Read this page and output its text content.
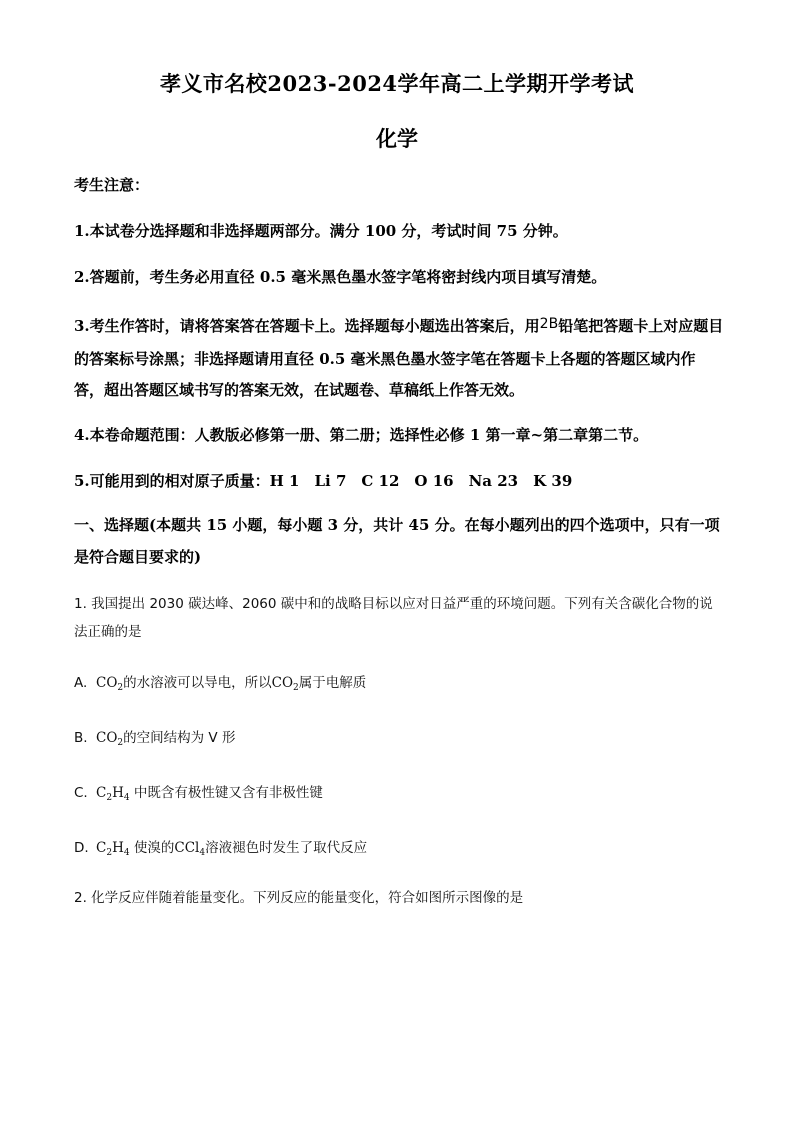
孝义市名校2023-2024学年高二上学期开学考试
化学
考生注意：
1.本试卷分选择题和非选择题两部分。满分 100 分，考试时间 75 分钟。
2.答题前，考生务必用直径 0.5 毫米黑色墨水签字笔将密封线内项目填写清楚。
3.考生作答时，请将答案答在答题卡上。选择题每小题选出答案后，用2B铅笔把答题卡上对应题目的答案标号涂黑；非选择题请用直径 0.5 毫米黑色墨水签字笔在答题卡上各题的答题区域内作答，超出答题区域书写的答案无效，在试题卷、草稿纸上作答无效。
4.本卷命题范围：人教版必修第一册、第二册；选择性必修 1 第一章~第二章第二节。
5.可能用到的相对原子质量：H 1　Li 7　C 12　O 16　Na 23　K 39
一、选择题(本题共 15 小题，每小题 3 分，共计 45 分。在每小题列出的四个选项中，只有一项是符合题目要求的)
1. 我国提出 2030 碳达峰、2060 碳中和的战略目标以应对日益严重的环境问题。下列有关含碳化合物的说法正确的是
A. $CO_2$的水溶液可以导电，所以$CO_2$属于电解质
B. $CO_2$的空间结构为 V 形
C. $C_2H_4$ 中既含有极性键又含有非极性键
D. $C_2H_4$ 使溴的CCl$_4$溶液褪色时发生了取代反应
2. 化学反应伴随着能量变化。下列反应的能量变化，符合如图所示图像的是
